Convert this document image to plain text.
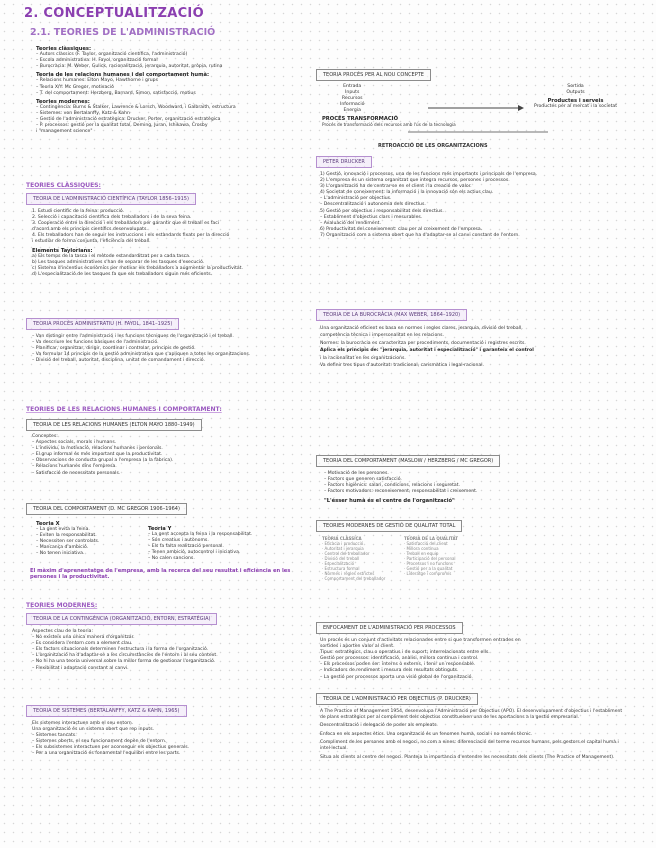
2. CONCEPTUALITZACIÓ
2.1. TEORIES DE L'ADMINISTRACIÓ
Teories clàssiques:
– Autors clàssics (F. Taylor, organització científica, l'administració)
– Escola administrativa: H. Fayol, organització formal
– Burocràcia: M. Weber, Gulick, racionalització, jerarquia, autoritat, pròpia, rutina
Teoria de les relacions humanes i del comportament humà:
– Relacions humanes: Elton Mayo, Hawthorne i grups
– Teoria X/Y: Mc Gregor, motivació
– T. del comportament: Herzberg, Barnard, Simon, satisfacció, motius
Teories modernes:
– Contingència: Burns & Stalker, Lawrence & Lorsch, Woodward, i Galbraith, estructura
– Sistemes: von Bertalanffy, Katz & Kahn
– Gestió de l'administració estratègica: Drucker, Porter, organització estratègica
– P. processos: gestió per la qualitat total, Deming, Juran, Ishikawa, Crosby
i "management science"
TEORIES CLÀSSIQUES:
TEORIA DE L'ADMINISTRACIÓ CIENTÍFICA (TAYLOR 1856–1915)
1. Estudi científic de la feina: producció.
2. Selecció i capacitació científica dels treballadors i de la seva feina.
3. Cooperació entre la direcció i els treballadors per garantir que el treball es faci
d'acord amb els principis científics desenvolupats.
4. Els treballadors han de seguir les instruccions i els estàndards fixats per la direcció
i estudiar de forma conjunta, l'eficiència del treball.
Elements Taylorians:
a) Els temps de la tasca i el mètode estandarditzat per a cada tasca.
b) Les tasques administratives s'han de separar de les tasques d'execució.
c) Sistema d'incentius econòmics per motivar els treballadors a augmentar la productivitat.
d) L'especialització de les tasques fa que els treballadors siguin més eficients.
TEORIA PROCÉS ADMINISTRATIU (H. FAYOL, 1841–1925)
– Van distingir entre l'administració i les funcions tècniques de l'organització i el treball.
– Va descriure les funcions bàsiques de l'administració.
– Planificar, organitzar, dirigir, coordinar i controlar, principis de gestió.
– Va formular 14 principis de la gestió administrativa que s'apliquen a totes les organitzacions.
– Divisió del treball, autoritat, disciplina, unitat de comandament i direcció.
TEORIES DE LES RELACIONS HUMANES I COMPORTAMENT:
TEORIA DE LES RELACIONS HUMANES (ELTON MAYO 1880–1949)
Conceptes:
– Aspectes socials, morals i humans.
– L'individu, la motivació, relacions humanes i personals.
– El grup informal és més important que la productivitat.
– Observacions de conducta grupal a l'empresa (a la fàbrica).
– Relacions humanes dins l'empresa.
– Satisfacció de necessitats personals.
TEORIA DEL COMPORTAMENT (D. MC GREGOR 1906–1964)
Teoria X
– La gent evita la feina.
– Eviten la responsabilitat.
– Necessiten ser controlats.
– Mancança d'ambició.
– No tenen iniciativa.
Teoria Y
– La gent accepta la feina i la responsabilitat.
– Són creatius i autònoms.
– Els fa falta realització personal.
– Tenen ambició, autocontrol i iniciativa.
– No calen sancions.
El màxim d'aprenentatge de l'empresa, amb la recerca del seu resultat i eficiència en les persones i la productivitat.
TEORIES MODERNES:
TEORIA DE LA CONTINGÈNCIA (ORGANITZACIÓ, ENTORN, ESTRATÈGIA)
Aspectes clau de la teoria:
– No existeix una única manera d'organitzar.
– Es considera l'entorn com a element clau.
– Els factors situacionals determinen l'estructura i la forma de l'organització.
– L'organització ha d'adaptar-se a les circumstàncies de l'entorn i al seu context.
– No hi ha una teoria universal sobre la millor forma de gestionar l'organització.
– Flexibilitat i adaptació constant al canvi.
TEORIA DE SISTEMES (BERTALANFFY, KATZ & KAHN, 1965)
Els sistemes interactuen amb el seu entorn.
Una organització és un sistema obert que rep inputs.
– Sistemes tancats.
– Sistemes oberts, el seu funcionament depèn de l'entorn.
– Els subsistemes interactuen per aconseguir els objectius generals.
– Per a una organització és fonamental l'equilibri entre les parts.
TEORIA PROCÉS PER AL NOU CONCEPTE
Entrada
Inputs
Recursos
Informació
Energia
PROCÉS TRANSFORMACIÓ
Procés de transformació dels recursos amb l'ús de la tecnologia
Sortida
Outputs
Productes i serveis
Productes per al mercat i la societat
RETROACCIÓ DE LES ORGANITZACIONS
PETER DRUCKER
1) Gestió, innovació i processos, una de les funcions més importants i principals de l'empresa.
2) L'empresa és un sistema organitzat que integra recursos, persones i processos.
3) L'organització ha de centrar-se en el client i la creació de valor.
4) Societat de coneixement: la informació i la innovació són els actius clau.
– L'administració per objectius.
– Descentralització i autonomia dels directius.
5) Gestió per objectius i responsabilitat dels directius.
– Establiment d'objectius clars i mesurables.
– Avaluació del rendiment.
6) Productivitat del coneixement: clau per al creixement de l'empresa.
7) Organització com a sistema obert que ha d'adaptar-se al canvi constant de l'entorn.
TEORIA DE LA BUROCRÀCIA (MAX WEBER, 1864–1920)
Una organització eficient es basa en normes i regles clares, jerarquia, divisió del treball,
competència tècnica i impersonalitat en les relacions.
Normes: la burocràcia es caracteritza per procediments, documentació i registres escrits.
Aplica els principis de: "jerarquia, autoritat i especialització" i garanteix el control
i la racionalitat en les organitzacions.
Va definir tres tipus d'autoritat: tradicional, carismàtica i legal-racional.
TEORIA DEL COMPORTAMENT (MASLOW / HERZBERG / MC GREGOR)
– Motivació de les persones.
– Factors que generen satisfacció.
– Factors higiènics: salari, condicions, relacions i seguretat.
– Factors motivadors: reconeixement, responsabilitat i creixement.
"L'ésser humà és el centre de l'organització"
TEORIES MODERNES DE GESTIÓ DE QUALITAT TOTAL
TEORIA CLÀSSICA
· Eficàcia i producció
· Autoritat i jerarquia
· Control del treballador
· Divisió del treball
· Especialització
· Estructura formal
· Normes i regles estrictes
· Comportament del treballador
TEORIA DE LA QUALITAT
· Satisfacció del client
· Millora contínua
· Treball en equip
· Participació del personal
· Processos i no funcions
· Gestió per a la qualitat
· Lideratge i compromís
ENFOCAMENT DE L'ADMINISTRACIÓ PER PROCESSOS
Un procés és un conjunt d'activitats relacionades entre si que transformen entrades en
sortides i aporten valor al client.
Tipus: estratègics, clau o operatius i de suport; interrelacionats entre ells.
Gestió per processos: identificació, anàlisi, millora contínua i control.
– Els processos poden ser: interns o externs, i tenir un responsable.
– Indicadors de rendiment i mesura dels resultats obtinguts.
– La gestió per processos aporta una visió global de l'organització.
TEORIA DE L'ADMINISTRACIÓ PER OBJECTIUS (P. DRUCKER)
A The Practice of Management 1954, desenvolupa l'Administració per Objectius (APO). El desenvolupament d'objectius i l'establiment de plans estratègics per al compliment dels objectius constitueixen una de les aportacions a la gestió empresarial.
Descentralització i delegació de poder als empleats.
Enfoca en els aspectes ètics. Una organització és un fenomen humà, social i no només tècnic.
Compliment de les persones amb el negoci, no com a eines: diferenciació del terme recursos humans, pels gestors el capital humà i intel·lectual.
Situa als clients al centre del negoci. Planteja la importància d'entendre les necessitats dels clients (The Practice of Management).
